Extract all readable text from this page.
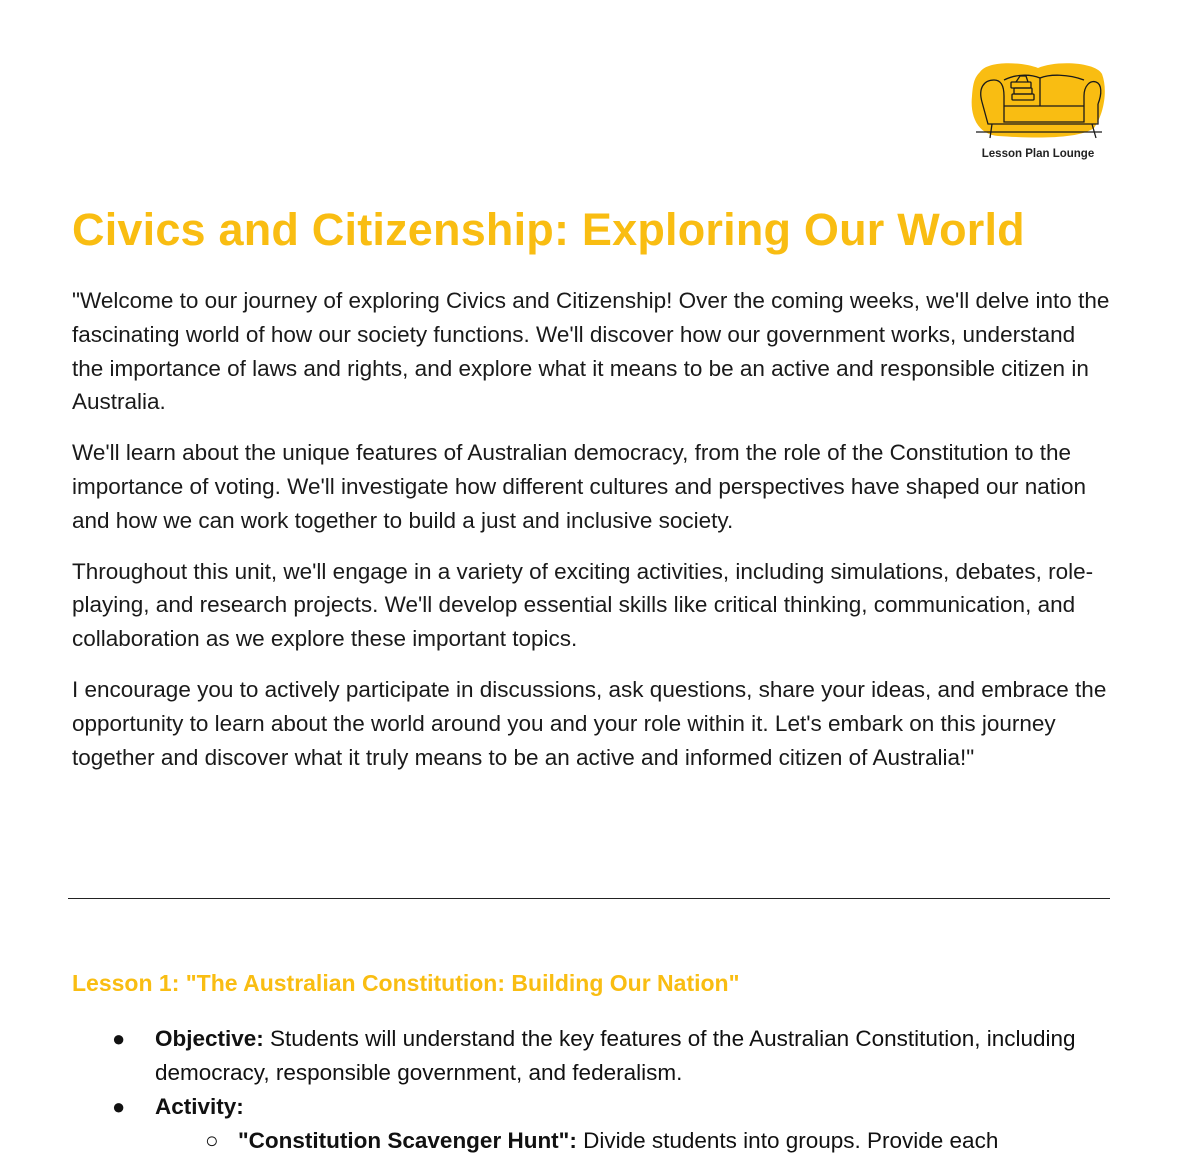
Lesson Plan Lounge
Civics and Citizenship: Exploring Our World

"Welcome to our journey of exploring Civics and Citizenship! Over the coming weeks, we'll delve into the fascinating world of how our society functions. We'll discover how our government works, understand the importance of laws and rights, and explore what it means to be an active and responsible citizen in Australia.

We'll learn about the unique features of Australian democracy, from the role of the Constitution to the importance of voting. We'll investigate how different cultures and perspectives have shaped our nation and how we can work together to build a just and inclusive society.

Throughout this unit, we'll engage in a variety of exciting activities, including simulations, debates, role-playing, and research projects. We'll develop essential skills like critical thinking, communication, and collaboration as we explore these important topics.

I encourage you to actively participate in discussions, ask questions, share your ideas, and embrace the opportunity to learn about the world around you and your role within it. Let's embark on this journey together and discover what it truly means to be an active and informed citizen of Australia!"

Lesson 1: "The Australian Constitution: Building Our Nation"
● Objective: Students will understand the key features of the Australian Constitution, including democracy, responsible government, and federalism.
● Activity:
○ "Constitution Scavenger Hunt": Divide students into groups. Provide each
